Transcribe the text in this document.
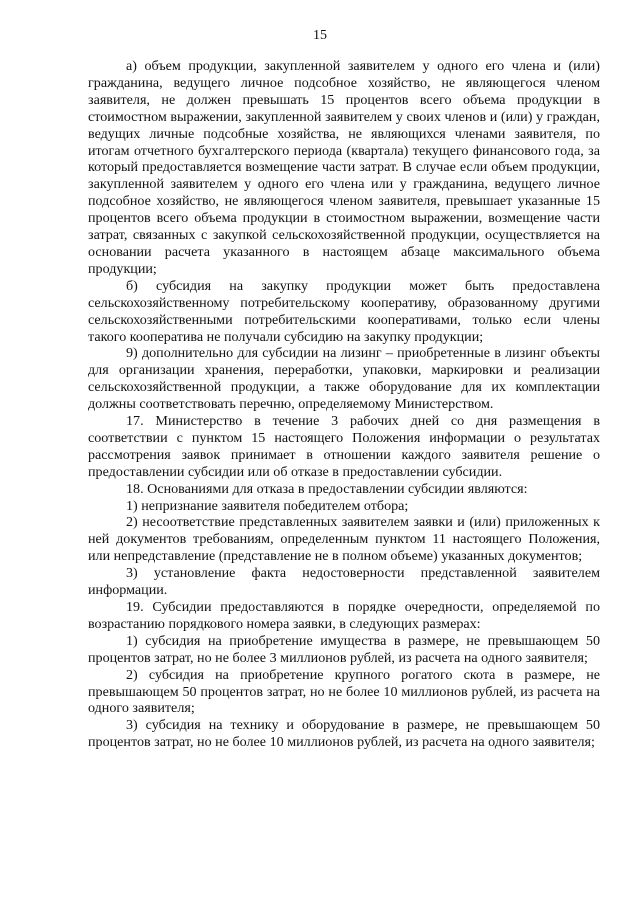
15

а) объем продукции, закупленной заявителем у одного его члена и (или) гражданина, ведущего личное подсобное хозяйство, не являющегося членом заявителя, не должен превышать 15 процентов всего объема продукции в стоимостном выражении, закупленной заявителем у своих членов и (или) у граждан, ведущих личные подсобные хозяйства, не являющихся членами заявителя, по итогам отчетного бухгалтерского периода (квартала) текущего финансового года, за который предоставляется возмещение части затрат. В случае если объем продукции, закупленной заявителем у одного его члена или у гражданина, ведущего личное подсобное хозяйство, не являющегося членом заявителя, превышает указанные 15 процентов всего объема продукции в стоимостном выражении, возмещение части затрат, связанных с закупкой сельскохозяйственной продукции, осуществляется на основании расчета указанного в настоящем абзаце максимального объема продукции;

б) субсидия на закупку продукции может быть предоставлена сельскохозяйственному потребительскому кооперативу, образованному другими сельскохозяйственными потребительскими кооперативами, только если члены такого кооператива не получали субсидию на закупку продукции;

9) дополнительно для субсидии на лизинг – приобретенные в лизинг объекты для организации хранения, переработки, упаковки, маркировки и реализации сельскохозяйственной продукции, а также оборудование для их комплектации должны соответствовать перечню, определяемому Министерством.

17. Министерство в течение 3 рабочих дней со дня размещения в соответствии с пунктом 15 настоящего Положения информации о результатах рассмотрения заявок принимает в отношении каждого заявителя решение о предоставлении субсидии или об отказе в предоставлении субсидии.

18. Основаниями для отказа в предоставлении субсидии являются:

1) непризнание заявителя победителем отбора;

2) несоответствие представленных заявителем заявки и (или) приложенных к ней документов требованиям, определенным пунктом 11 настоящего Положения, или непредставление (представление не в полном объеме) указанных документов;

3) установление факта недостоверности представленной заявителем информации.

19. Субсидии предоставляются в порядке очередности, определяемой по возрастанию порядкового номера заявки, в следующих размерах:

1) субсидия на приобретение имущества в размере, не превышающем 50 процентов затрат, но не более 3 миллионов рублей, из расчета на одного заявителя;

2) субсидия на приобретение крупного рогатого скота в размере, не превышающем 50 процентов затрат, но не более 10 миллионов рублей, из расчета на одного заявителя;

3) субсидия на технику и оборудование в размере, не превышающем 50 процентов затрат, но не более 10 миллионов рублей, из расчета на одного заявителя;
